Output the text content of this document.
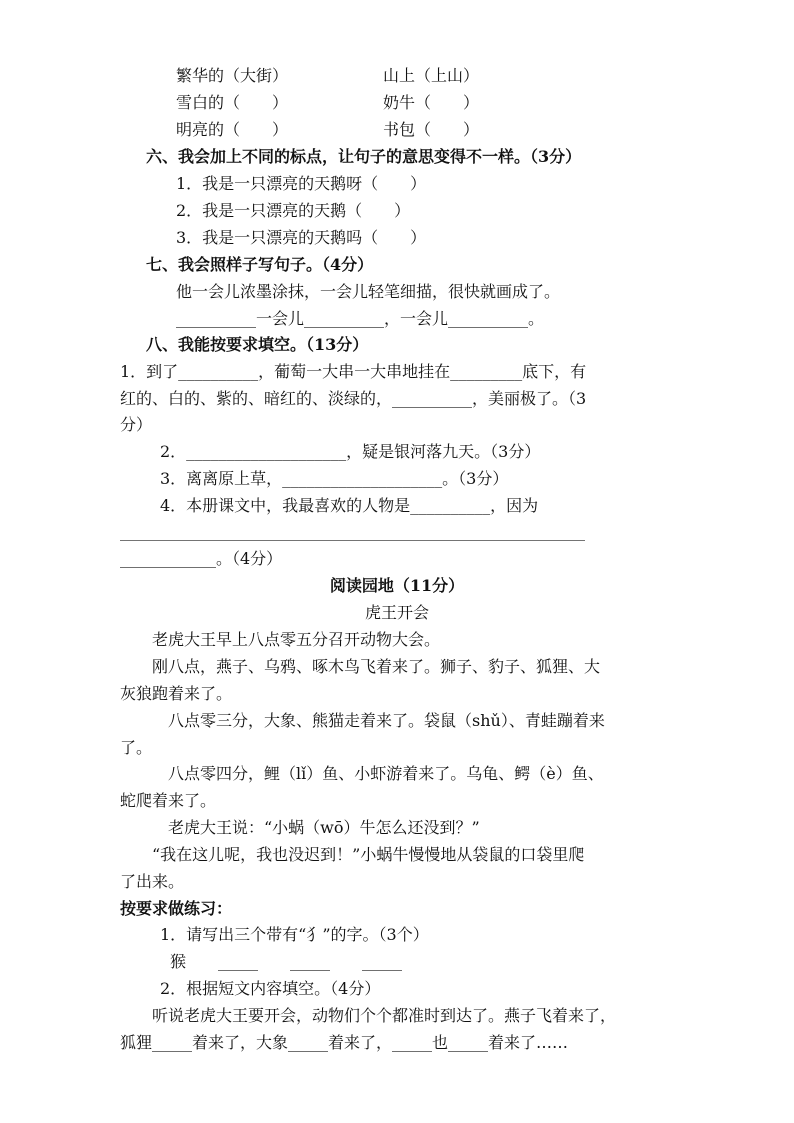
繁华的（大街）	山上（上山）
雪白的（　　）	奶牛（　　）
明亮的（　　）	书包（　　）
六、我会加上不同的标点，让句子的意思变得不一样。（3分）
1．我是一只漂亮的天鹅呀（　　）
2．我是一只漂亮的天鹅（　　）
3．我是一只漂亮的天鹅吗（　　）
七、我会照样子写句子。（4分）
他一会儿浓墨涂抹，一会儿轻笔细描，很快就画成了。
__________一会儿__________，一会儿__________。
八、我能按要求填空。（13分）
1．到了__________，葡萄一大串一大串地挂在_________底下，有
红的、白的、紫的、暗红的、淡绿的，__________，美丽极了。（3
分）
2．____________________，疑是银河落九天。（3分）
3．离离原上草，____________________。（3分）
4．本册课文中，我最喜欢的人物是__________，因为
______________________________________________________________
____________。（4分）
阅读园地（11分）
虎王开会
　　老虎大王早上八点零五分召开动物大会。
　　刚八点，燕子、乌鸦、啄木鸟飞着来了。狮子、豹子、狐狸、大
灰狼跑着来了。
　　　八点零三分，大象、熊猫走着来了。袋鼠（shǔ）、青蛙蹦着来
了。
　　　八点零四分，鲤（lǐ）鱼、小虾游着来了。乌龟、鳄（è）鱼、
蛇爬着来了。
　　　老虎大王说：“小蜗（wō）牛怎么还没到？”
　　“我在这儿呢，我也没迟到！”小蜗牛慢慢地从袋鼠的口袋里爬
了出来。
按要求做练习：
1．请写出三个带有“犭”的字。（3个）
猴　　_____　　_____　　_____
2．根据短文内容填空。（4分）
　　听说老虎大王要开会，动物们个个都准时到达了。燕子飞着来了，
狐狸_____着来了，大象_____着来了，_____也_____着来了……
